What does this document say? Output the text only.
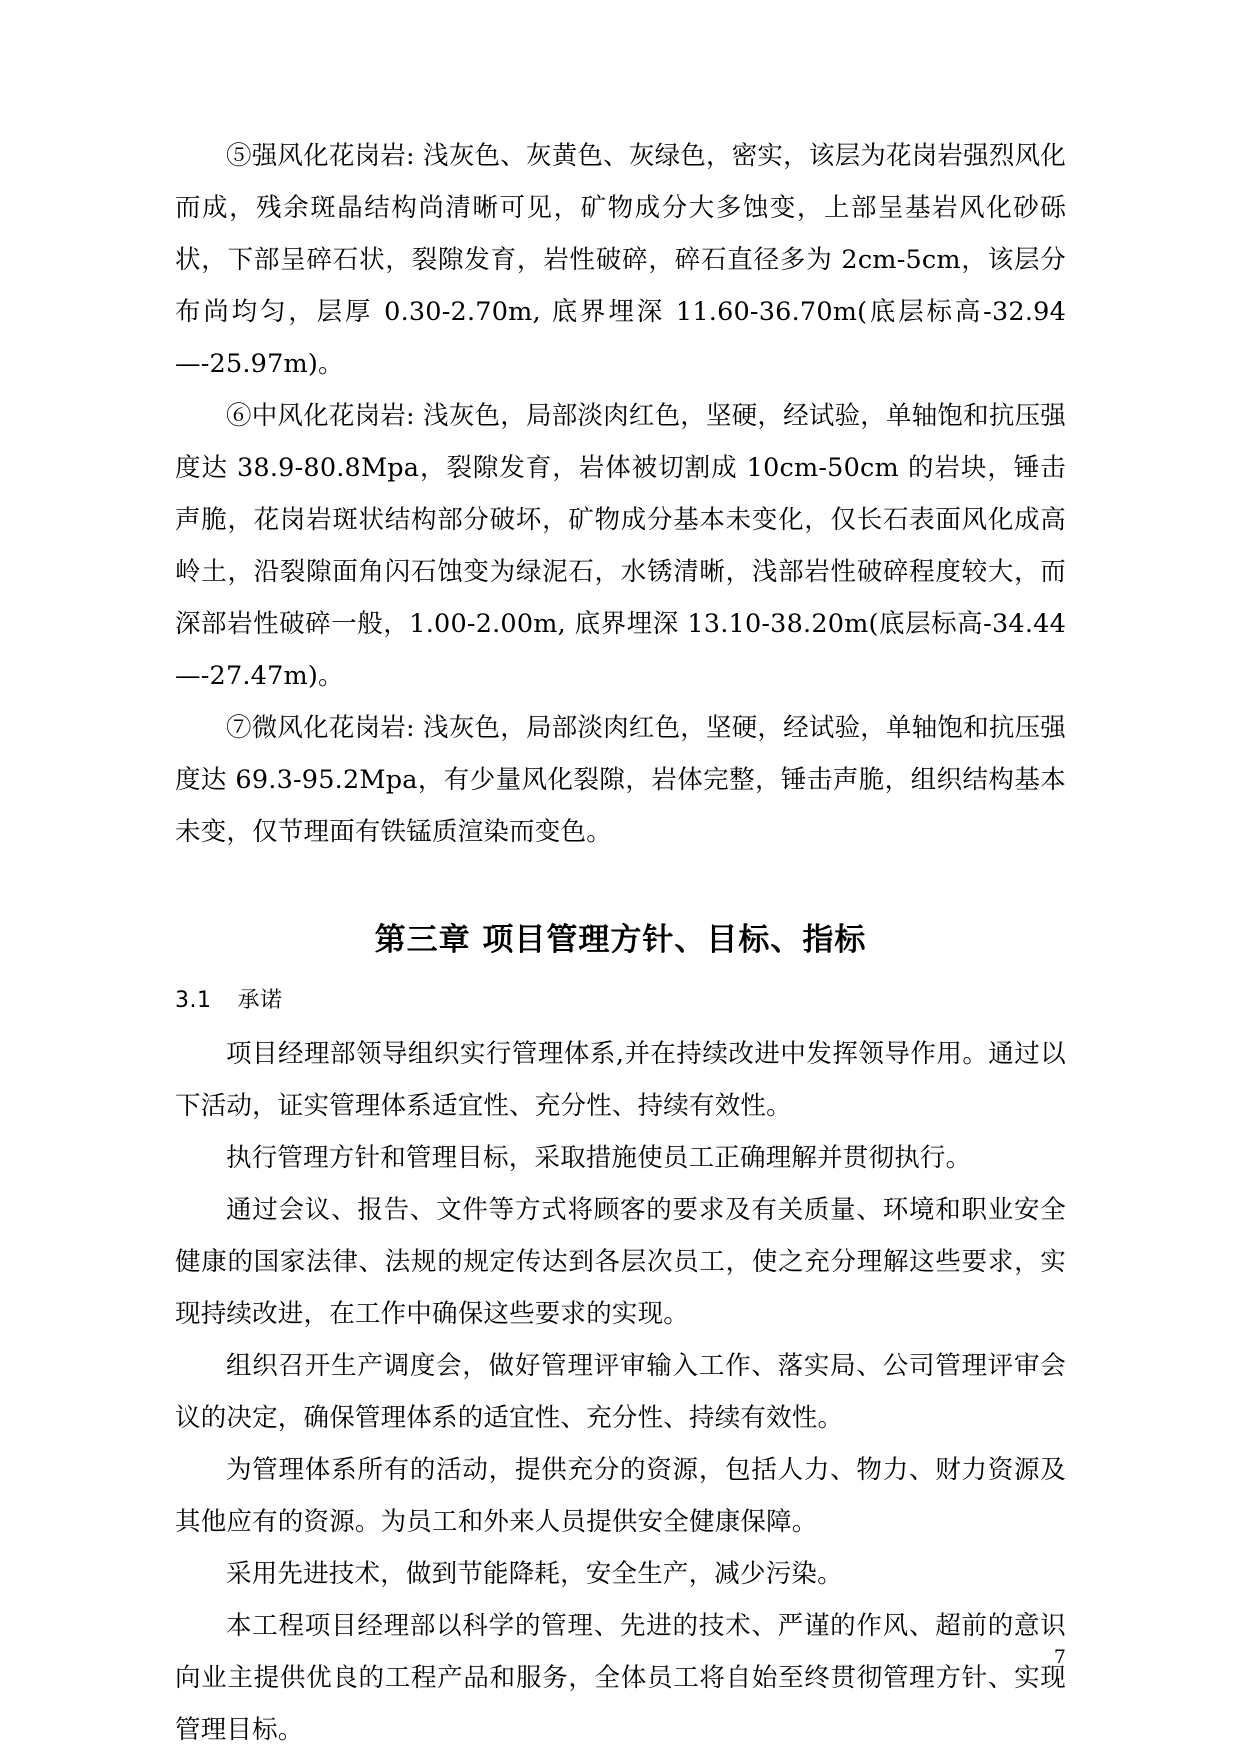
⑤强风化花岗岩: 浅灰色、灰黄色、灰绿色，密实，该层为花岗岩强烈风化而成，残余斑晶结构尚清晰可见，矿物成分大多蚀变，上部呈基岩风化砂砾状，下部呈碎石状，裂隙发育，岩性破碎，碎石直径多为 2cm-5cm，该层分布尚均匀，层厚 0.30-2.70m, 底界埋深 11.60-36.70m(底层标高-32.94—-25.97m)。

⑥中风化花岗岩: 浅灰色，局部淡肉红色，坚硬，经试验，单轴饱和抗压强度达 38.9-80.8Mpa，裂隙发育，岩体被切割成 10cm-50cm 的岩块，锤击声脆，花岗岩斑状结构部分破坏，矿物成分基本未变化，仅长石表面风化成高岭土，沿裂隙面角闪石蚀变为绿泥石，水锈清晰，浅部岩性破碎程度较大，而深部岩性破碎一般，1.00-2.00m, 底界埋深 13.10-38.20m(底层标高-34.44—-27.47m)。

⑦微风化花岗岩: 浅灰色，局部淡肉红色，坚硬，经试验，单轴饱和抗压强度达 69.3-95.2Mpa，有少量风化裂隙，岩体完整，锤击声脆，组织结构基本未变，仅节理面有铁锰质渲染而变色。

第三章 项目管理方针、目标、指标
3.1 承诺

项目经理部领导组织实行管理体系,并在持续改进中发挥领导作用。通过以下活动，证实管理体系适宜性、充分性、持续有效性。

执行管理方针和管理目标，采取措施使员工正确理解并贯彻执行。

通过会议、报告、文件等方式将顾客的要求及有关质量、环境和职业安全健康的国家法律、法规的规定传达到各层次员工，使之充分理解这些要求，实现持续改进，在工作中确保这些要求的实现。

组织召开生产调度会，做好管理评审输入工作、落实局、公司管理评审会议的决定，确保管理体系的适宜性、充分性、持续有效性。

为管理体系所有的活动，提供充分的资源，包括人力、物力、财力资源及其他应有的资源。为员工和外来人员提供安全健康保障。

采用先进技术，做到节能降耗，安全生产，减少污染。

本工程项目经理部以科学的管理、先进的技术、严谨的作风、超前的意识向业主提供优良的工程产品和服务，全体员工将自始至终贯彻管理方针、实现管理目标。

7
